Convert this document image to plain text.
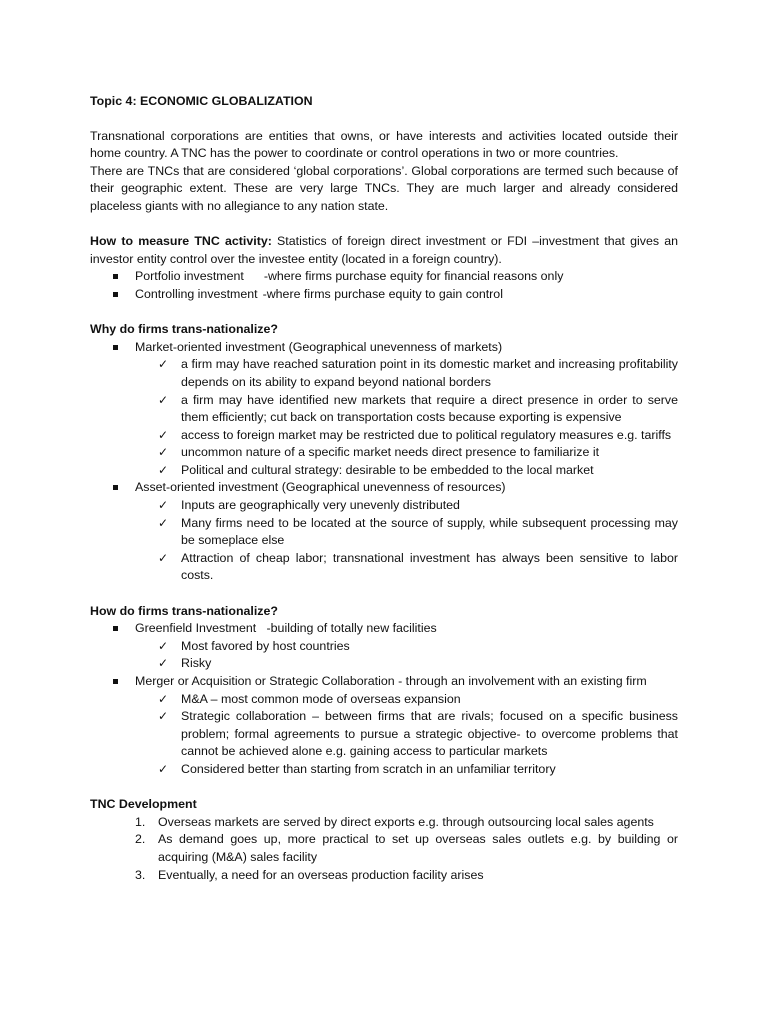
Topic 4: ECONOMIC GLOBALIZATION

Transnational corporations are entities that owns, or have interests and activities located outside their home country. A TNC has the power to coordinate or control operations in two or more countries.

There are TNCs that are considered ‘global corporations’. Global corporations are termed such because of their geographic extent. These are very large TNCs. They are much larger and already considered placeless giants with no allegiance to any nation state.

How to measure TNC activity: Statistics of foreign direct investment or FDI –investment that gives an investor entity control over the investee entity (located in a foreign country).

Portfolio investment -where firms purchase equity for financial reasons only
Controlling investment -where firms purchase equity to gain control

Why do firms trans-nationalize?

Market-oriented investment (Geographical unevenness of markets)
✓ a firm may have reached saturation point in its domestic market and increasing profitability depends on its ability to expand beyond national borders
✓ a firm may have identified new markets that require a direct presence in order to serve them efficiently; cut back on transportation costs because exporting is expensive
✓ access to foreign market may be restricted due to political regulatory measures e.g. tariffs
✓ uncommon nature of a specific market needs direct presence to familiarize it
✓ Political and cultural strategy: desirable to be embedded to the local market
Asset-oriented investment (Geographical unevenness of resources)
✓ Inputs are geographically very unevenly distributed
✓ Many firms need to be located at the source of supply, while subsequent processing may be someplace else
✓ Attraction of cheap labor; transnational investment has always been sensitive to labor costs.

How do firms trans-nationalize?

Greenfield Investment   -building of totally new facilities
✓ Most favored by host countries
✓ Risky
Merger or Acquisition or Strategic Collaboration - through an involvement with an existing firm
✓ M&A – most common mode of overseas expansion
✓ Strategic collaboration – between firms that are rivals; focused on a specific business problem; formal agreements to pursue a strategic objective- to overcome problems that cannot be achieved alone e.g. gaining access to particular markets
✓ Considered better than starting from scratch in an unfamiliar territory

TNC Development

1. Overseas markets are served by direct exports e.g. through outsourcing local sales agents
2. As demand goes up, more practical to set up overseas sales outlets e.g. by building or acquiring (M&A) sales facility
3. Eventually, a need for an overseas production facility arises
